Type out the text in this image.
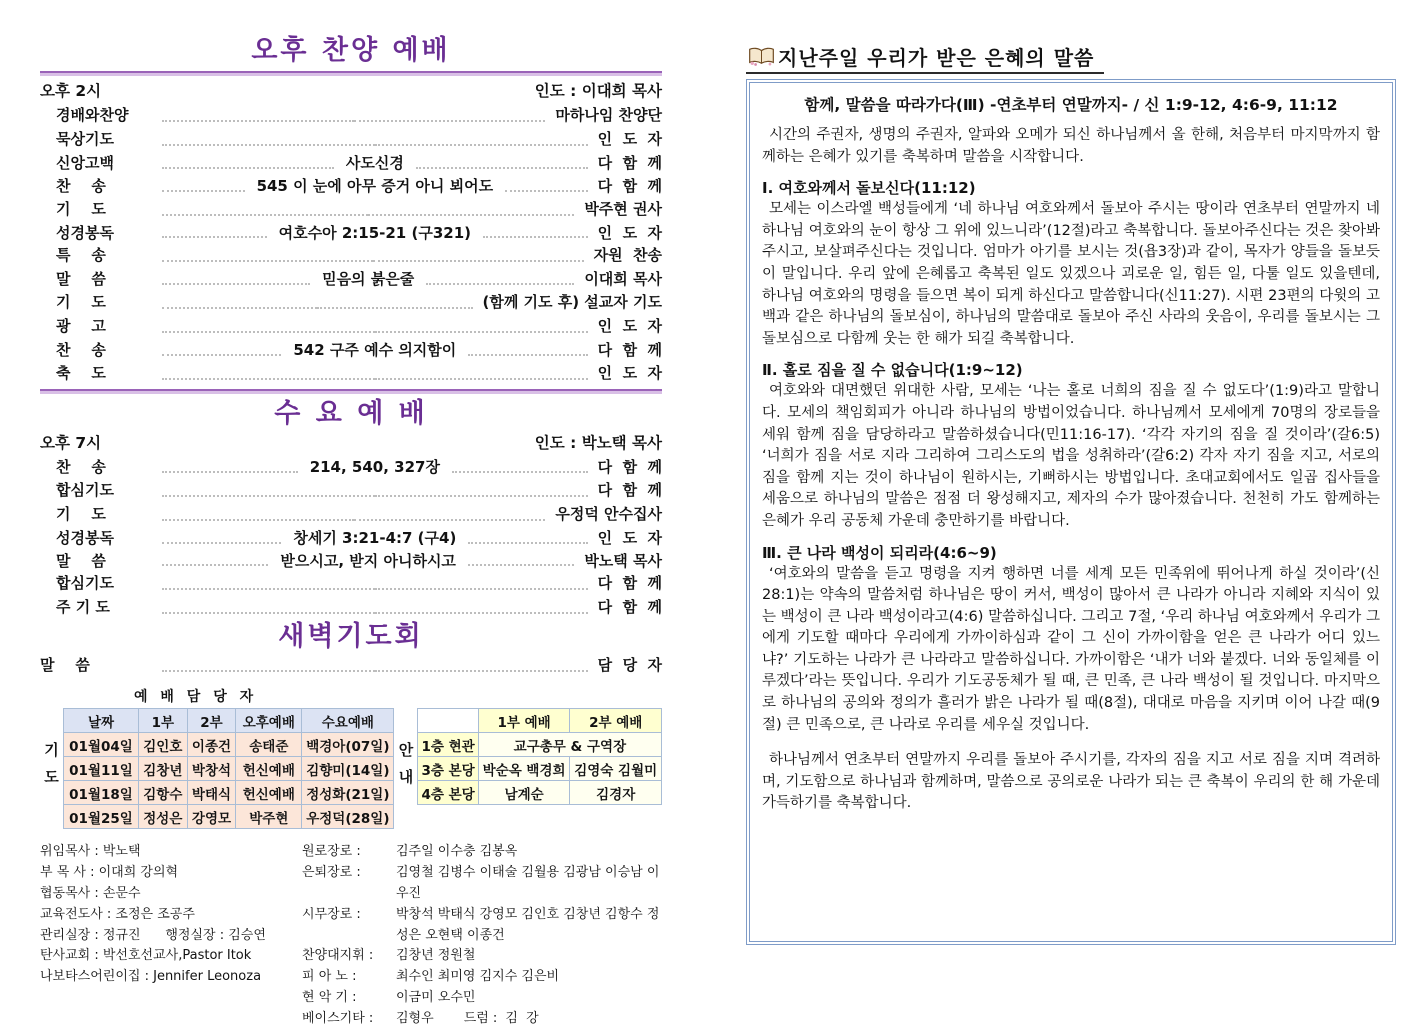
오후 찬양 예배
오후 2시	인도 : 이대희 목사
경배와찬양	마하나임 찬양단
묵상기도	인  도  자
신앙고백	사도신경	다  함  께
찬    송	545 이 눈에 아무 증거 아니 뵈어도	다  함  께
기    도	박주현 권사
성경봉독	여호수아 2:15-21 (구321)	인  도  자
특    송	자원  찬송
말    씀	믿음의 붉은줄	이대희 목사
기    도	(함께 기도 후) 설교자 기도
광    고	인  도  자
찬    송	542 구주 예수 의지함이	다  함  께
축    도	인  도  자
수 요 예 배
오후 7시	인도 : 박노택 목사
찬    송	214, 540, 327장	다  함  께
합심기도	다  함  께
기    도	우정덕 안수집사
성경봉독	창세기 3:21-4:7 (구4)	인  도  자
말    씀	받으시고, 받지 아니하시고	박노택 목사
합심기도	다  함  께
주 기 도	다  함  께
새벽기도회
말    씀	담  당  자
예 배 담 당 자
기도
날짜	1부	2부	오후예배	수요예배
01월04일	김인호	이종건	송태준	백경아(07일)
01월11일	김창년	박창석	헌신예배	김향미(14일)
01월18일	김항수	박태식	헌신예배	정성화(21일)
01월25일	정성은	강영모	박주현	우정덕(28일)
안내
	1부 예배	2부 예배
1층 현관	교구총무 & 구역장	
3층 본당	박순옥 백경희	김영숙 김월미
4층 본당	남계순	김경자
위임목사 : 박노택
부 목 사 : 이대희 강의혁
협동목사 : 손문수
교육전도사 : 조정은 조공주
관리실장 : 정규진      행정실장 : 김승연
탄사교회 : 박선호선교사,Pastor Itok
나보타스어린이집 : Jennifer Leonoza
원로장로 :	김주일 이수충 김봉옥
은퇴장로 :	김영철 김병수 이태술 김월용 김광남 이승남 이우진
시무장로 :	박창석 박태식 강영모 김인호 김창년 김항수 정성은 오현택 이종건
찬양대지휘 :	김창년 정원철
피 아 노 :	최수인 최미영 김지수 김은비
현 악 기 :	이금미 오수민
베이스기타 :	김형우 드럼 : 김  강
지난주일 우리가 받은 은혜의 말씀
함께, 말씀을 따라가다(Ⅲ) -연초부터 연말까지- / 신 1:9-12, 4:6-9, 11:12
시간의 주권자, 생명의 주권자, 알파와 오메가 되신 하나님께서 올 한해, 처음부터 마지막까지 함께하는 은혜가 있기를 축복하며 말씀을 시작합니다.
Ⅰ. 여호와께서 돌보신다(11:12)
모세는 이스라엘 백성들에게 ‘네 하나님 여호와께서 돌보아 주시는 땅이라 연초부터 연말까지 네 하나님 여호와의 눈이 항상 그 위에 있느니라’(12절)라고 축복합니다. 돌보아주신다는 것은 찾아봐주시고, 보살펴주신다는 것입니다. 엄마가 아기를 보시는 것(욥3장)과 같이, 목자가 양들을 돌보듯이 말입니다. 우리 앞에 은혜롭고 축복된 일도 있겠으나 괴로운 일, 힘든 일, 다툴 일도 있을텐데, 하나님 여호와의 명령을 들으면 복이 되게 하신다고 말씀합니다(신11:27). 시편 23편의 다윗의 고백과 같은 하나님의 돌보심이, 하나님의 말씀대로 돌보아 주신 사라의 웃음이, 우리를 돌보시는 그 돌보심으로 다함께 웃는 한 해가 되길 축복합니다.
Ⅱ. 홀로 짐을 질 수 없습니다(1:9~12)
여호와와 대면했던 위대한 사람, 모세는 ‘나는 홀로 너희의 짐을 질 수 없도다’(1:9)라고 말합니다. 모세의 책임회피가 아니라 하나님의 방법이었습니다. 하나님께서 모세에게 70명의 장로들을 세워 함께 짐을 담당하라고 말씀하셨습니다(민11:16-17). ‘각각 자기의 짐을 질 것이라’(갈6:5) ‘너희가 짐을 서로 지라 그리하여 그리스도의 법을 성취하라’(갈6:2) 각자 자기 짐을 지고, 서로의 짐을 함께 지는 것이 하나님이 원하시는, 기뻐하시는 방법입니다. 초대교회에서도 일곱 집사들을 세움으로 하나님의 말씀은 점점 더 왕성해지고, 제자의 수가 많아졌습니다. 천천히 가도 함께하는 은혜가 우리 공동체 가운데 충만하기를 바랍니다.
Ⅲ. 큰 나라 백성이 되리라(4:6~9)
‘여호와의 말씀을 듣고 명령을 지켜 행하면 너를 세계 모든 민족위에 뛰어나게 하실 것이라’(신28:1)는 약속의 말씀처럼 하나님은 땅이 커서, 백성이 많아서 큰 나라가 아니라 지혜와 지식이 있는 백성이 큰 나라 백성이라고(4:6) 말씀하십니다. 그리고 7절, ‘우리 하나님 여호와께서 우리가 그에게 기도할 때마다 우리에게 가까이하심과 같이 그 신이 가까이함을 얻은 큰 나라가 어디 있느냐?’ 기도하는 나라가 큰 나라라고 말씀하십니다. 가까이함은 ‘내가 너와 붙겠다. 너와 동일체를 이루겠다’라는 뜻입니다. 우리가 기도공동체가 될 때, 큰 민족, 큰 나라 백성이 될 것입니다. 마지막으로 하나님의 공의와 정의가 흘러가 밝은 나라가 될 때(8절), 대대로 마음을 지키며 이어 나갈 때(9절) 큰 민족으로, 큰 나라로 우리를 세우실 것입니다.
하나님께서 연초부터 연말까지 우리를 돌보아 주시기를, 각자의 짐을 지고 서로 짐을 지며 격려하며, 기도함으로 하나님과 함께하며, 말씀으로 공의로운 나라가 되는 큰 축복이 우리의 한 해 가운데 가득하기를 축복합니다.
